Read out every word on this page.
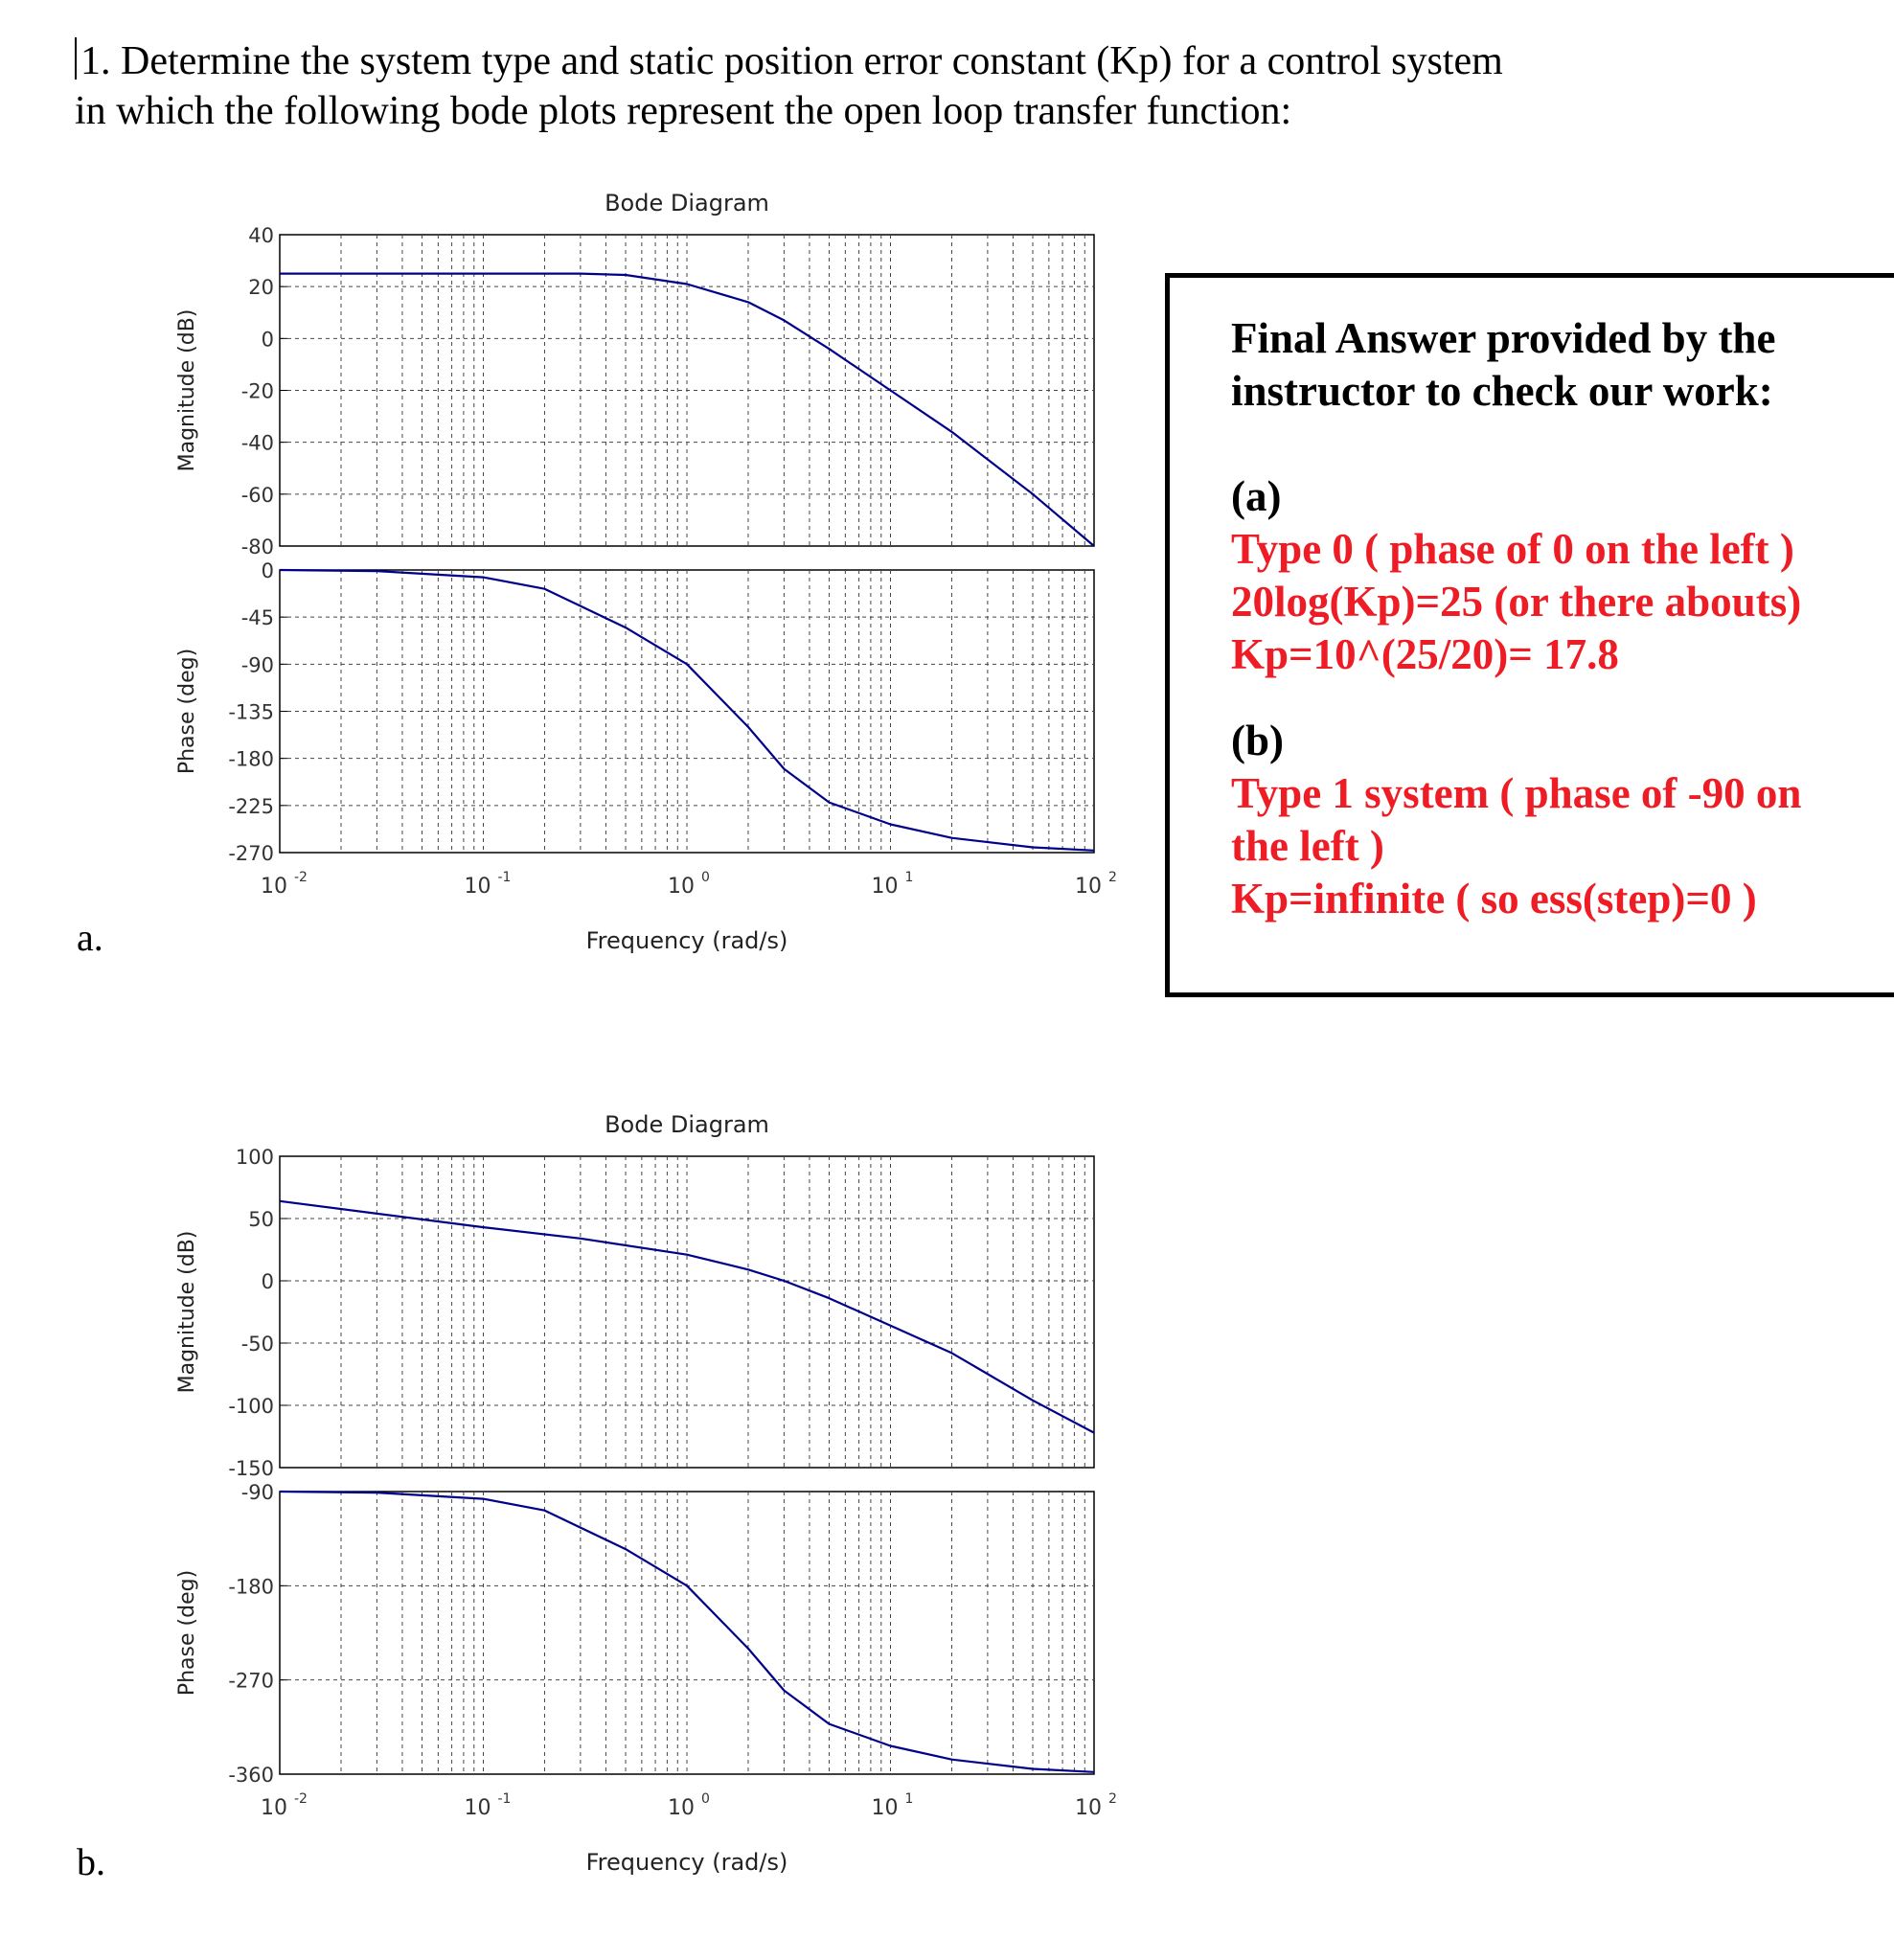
1. Determine the system type and static position error constant (Kp) for a control system
in which the following bode plots represent the open loop transfer function:
Bode Diagram
40
20
0
-20
-40
-60
-80
Magnitude (dB)
0
-45
-90
-135
-180
-225
-270
Phase (deg)
10 -2	10 -1	10 0	10 1	10 2
Frequency (rad/s)
a.
Bode Diagram
100
50
0
-50
-100
-150
Magnitude (dB)
-90
-180
-270
-360
Phase (deg)
10 -2	10 -1	10 0	10 1	10 2
Frequency (rad/s)
b.
Final Answer provided by the
instructor to check our work:
(a)
Type 0 ( phase of 0 on the left )
20log(Kp)=25 (or there abouts)
Kp=10^(25/20)= 17.8
(b)
Type 1 system ( phase of -90 on
the left )
Kp=infinite ( so ess(step)=0 )
